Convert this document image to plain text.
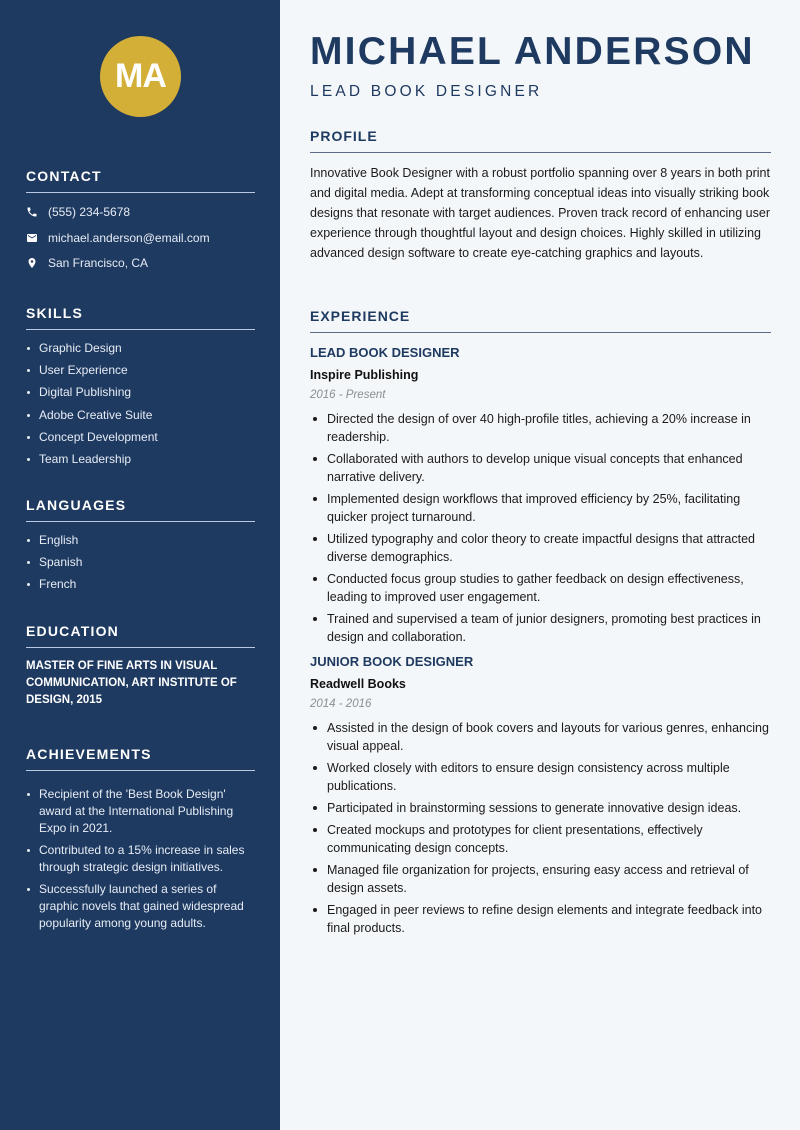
MA
CONTACT
(555) 234-5678
michael.anderson@email.com
San Francisco, CA
SKILLS
Graphic Design
User Experience
Digital Publishing
Adobe Creative Suite
Concept Development
Team Leadership
LANGUAGES
English
Spanish
French
EDUCATION

MASTER OF FINE ARTS IN VISUAL COMMUNICATION, ART INSTITUTE OF DESIGN, 2015

ACHIEVEMENTS
Recipient of the 'Best Book Design' award at the International Publishing Expo in 2021.
Contributed to a 15% increase in sales through strategic design initiatives.
Successfully launched a series of graphic novels that gained widespread popularity among young adults.
MICHAEL ANDERSON
LEAD BOOK DESIGNER
PROFILE

Innovative Book Designer with a robust portfolio spanning over 8 years in both print and digital media. Adept at transforming conceptual ideas into visually striking book designs that resonate with target audiences. Proven track record of enhancing user experience through thoughtful layout and design choices. Highly skilled in utilizing advanced design software to create eye-catching graphics and layouts.

EXPERIENCE
LEAD BOOK DESIGNER
Inspire Publishing
2016 - Present
Directed the design of over 40 high-profile titles, achieving a 20% increase in readership.
Collaborated with authors to develop unique visual concepts that enhanced narrative delivery.
Implemented design workflows that improved efficiency by 25%, facilitating quicker project turnaround.
Utilized typography and color theory to create impactful designs that attracted diverse demographics.
Conducted focus group studies to gather feedback on design effectiveness, leading to improved user engagement.
Trained and supervised a team of junior designers, promoting best practices in design and collaboration.
JUNIOR BOOK DESIGNER
Readwell Books
2014 - 2016
Assisted in the design of book covers and layouts for various genres, enhancing visual appeal.
Worked closely with editors to ensure design consistency across multiple publications.
Participated in brainstorming sessions to generate innovative design ideas.
Created mockups and prototypes for client presentations, effectively communicating design concepts.
Managed file organization for projects, ensuring easy access and retrieval of design assets.
Engaged in peer reviews to refine design elements and integrate feedback into final products.
